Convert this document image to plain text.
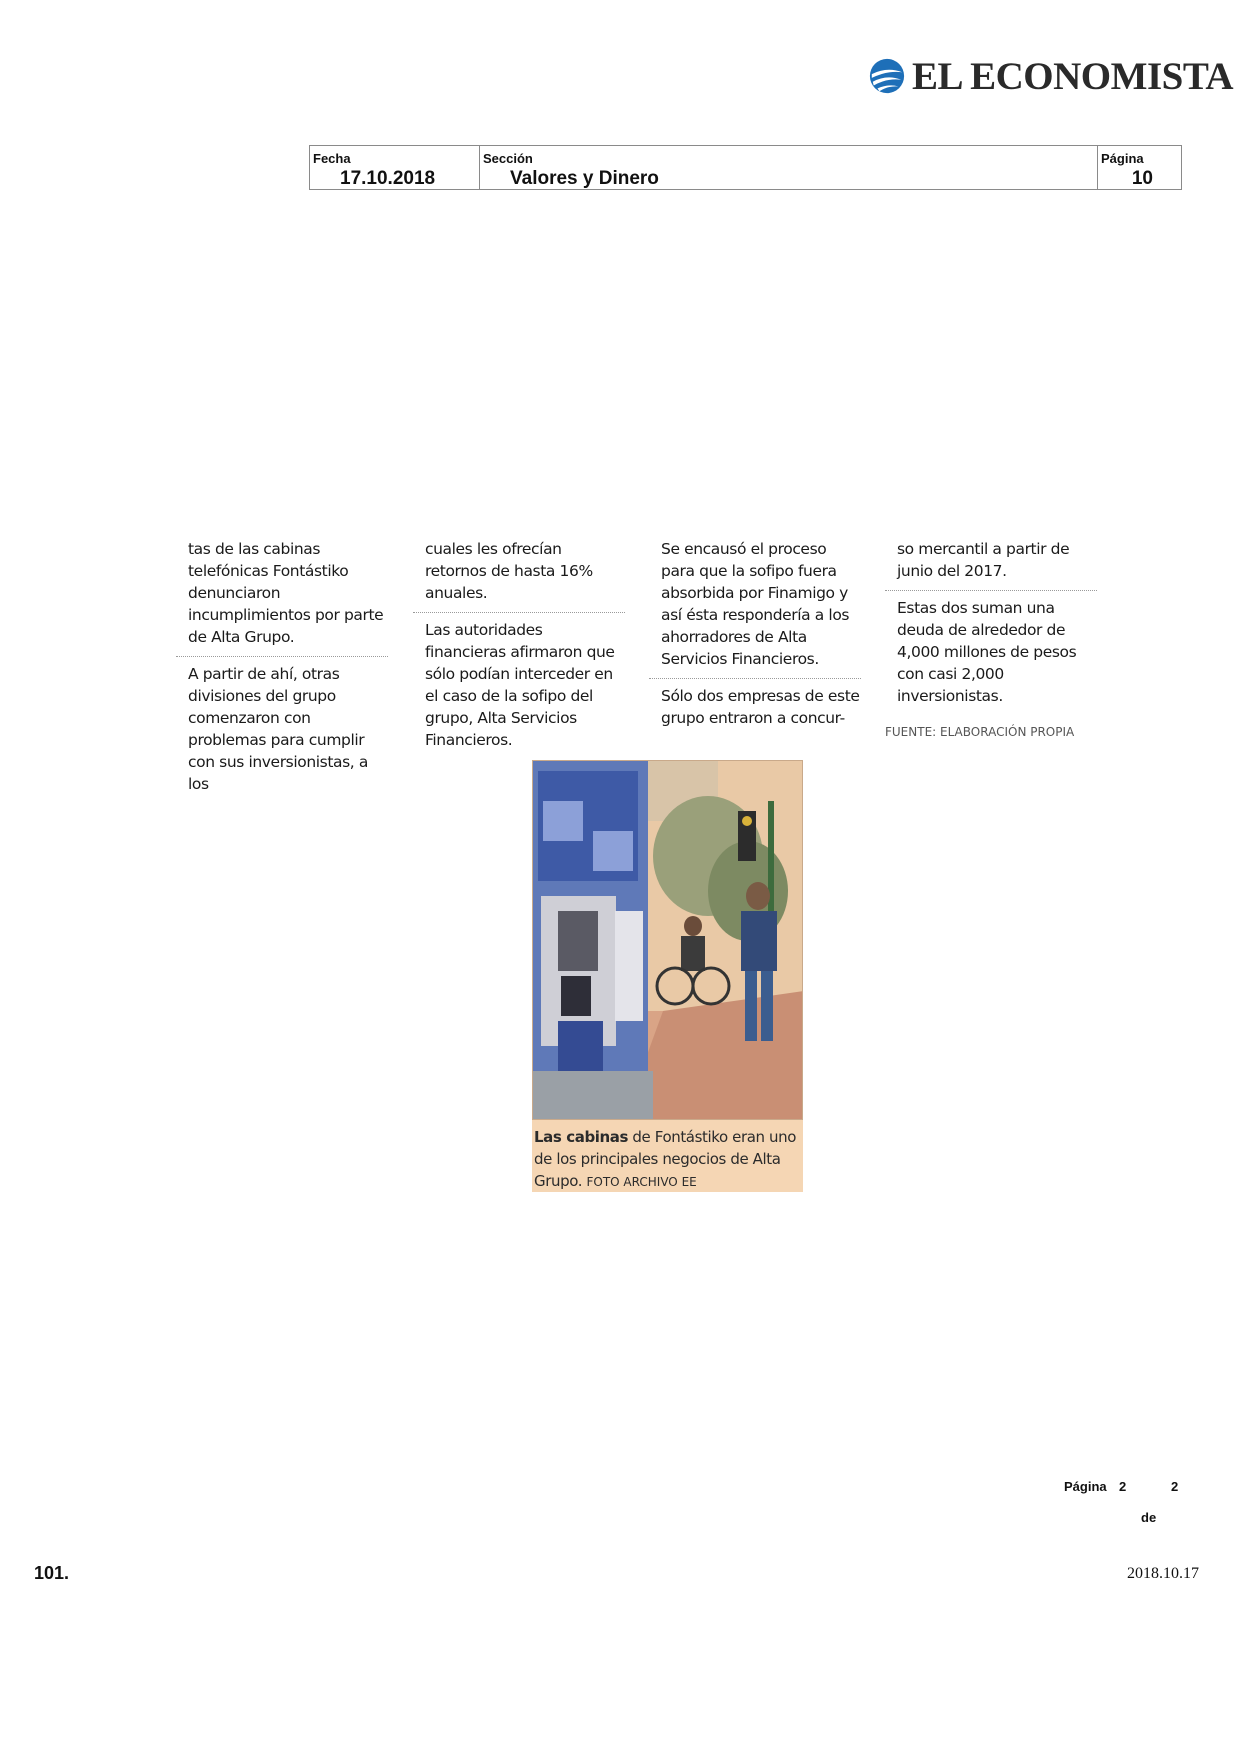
EL ECONOMISTA
Fecha
17.10.2018
Sección
Valores y Dinero
Página
10

tas de las cabinas telefónicas Fontástiko denunciaron incumplimientos por parte de Alta Grupo.

A partir de ahí, otras divisiones del grupo comenzaron con problemas para cumplir con sus inversionistas, a los

cuales les ofrecían retornos de hasta 16% anuales.

Las autoridades financieras afirmaron que sólo podían interceder en el caso de la sofipo del grupo, Alta Servicios Financieros.

Se encausó el proceso para que la sofipo fuera absorbida por Finamigo y así ésta respondería a los ahorradores de Alta Servicios Financieros.

Sólo dos empresas de este grupo entraron a concur-

so mercantil a partir de junio del 2017.

Estas dos suman una deuda de alrededor de 4,000 millones de pesos con casi 2,000 inversionistas.

FUENTE: ELABORACIÓN PROPIA

Las cabinas de Fontástiko eran uno de los principales negocios de Alta Grupo. FOTO ARCHIVO EE
Página 2	2
de
101.	2018.10.17
